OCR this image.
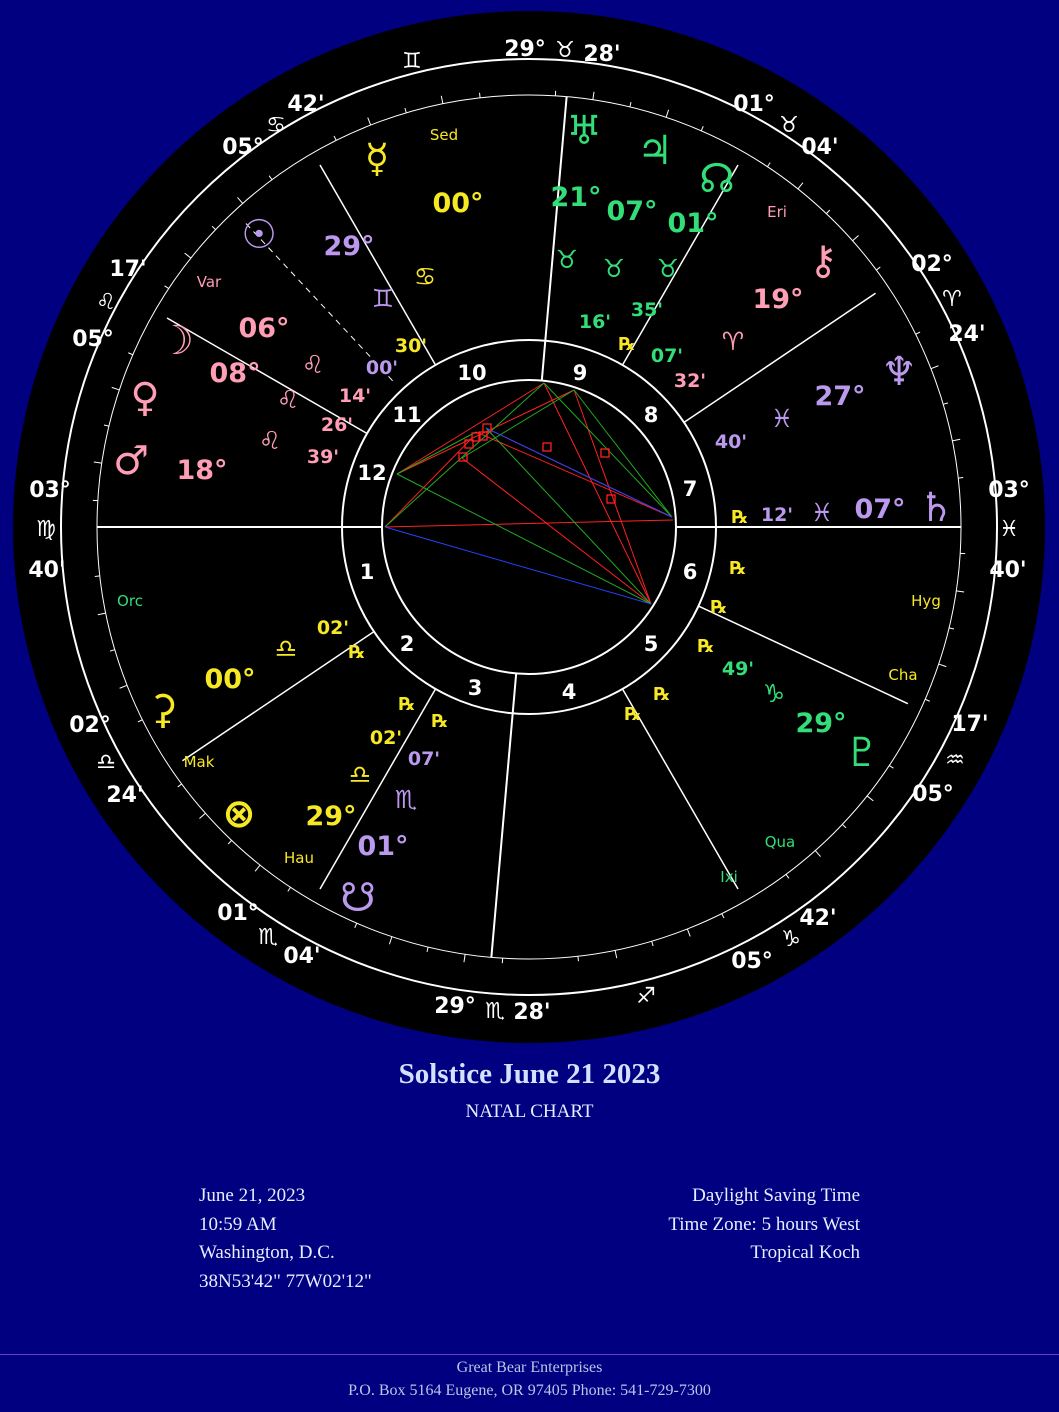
1
2
3	4
5
6
7
8
9
10
11
12
29° ♉ 28'
01°
♉
04'
02°
♈
24'
03°
♓
40'
17'
♒
05°
42'
♑
05°
29° ♏ 28'
01°
♏
04'
02°
♎
24'
03°
♍
40'
17'
♌
05°
42'
♋
05°
♊
♐
☉ 29°
♊
00'
☽ 06°
♌
14'
☿
00°
♋
30'
♀
08°
♌
26'
♂ 18°
♌
39'
♃
07°
♉
35'
♄
07°
♓
12'
♅
21°
♉
16'
♆
27°
♓
40'
♇
29°
♑
49'
☊
01°
♉
07'
⚷
19°
♈
32'
⚳
00°
♎
02'
☋
01°
♏
07'
⊗ 29°
♎
02'
℞
℞
℞
℞
℞
℞
℞
℞
℞
℞
Sed
Eri
Var
Orc	Hyg
Cha
Mak
Hau
Qua
Ixi
Solstice June 21 2023
NATAL CHART
June 21, 2023
10:59 AM
Washington, D.C.
38N53'42" 77W02'12"
Daylight Saving Time
Time Zone: 5 hours West
Tropical Koch
Great Bear Enterprises
P.O. Box 5164 Eugene, OR 97405 Phone: 541-729-7300
